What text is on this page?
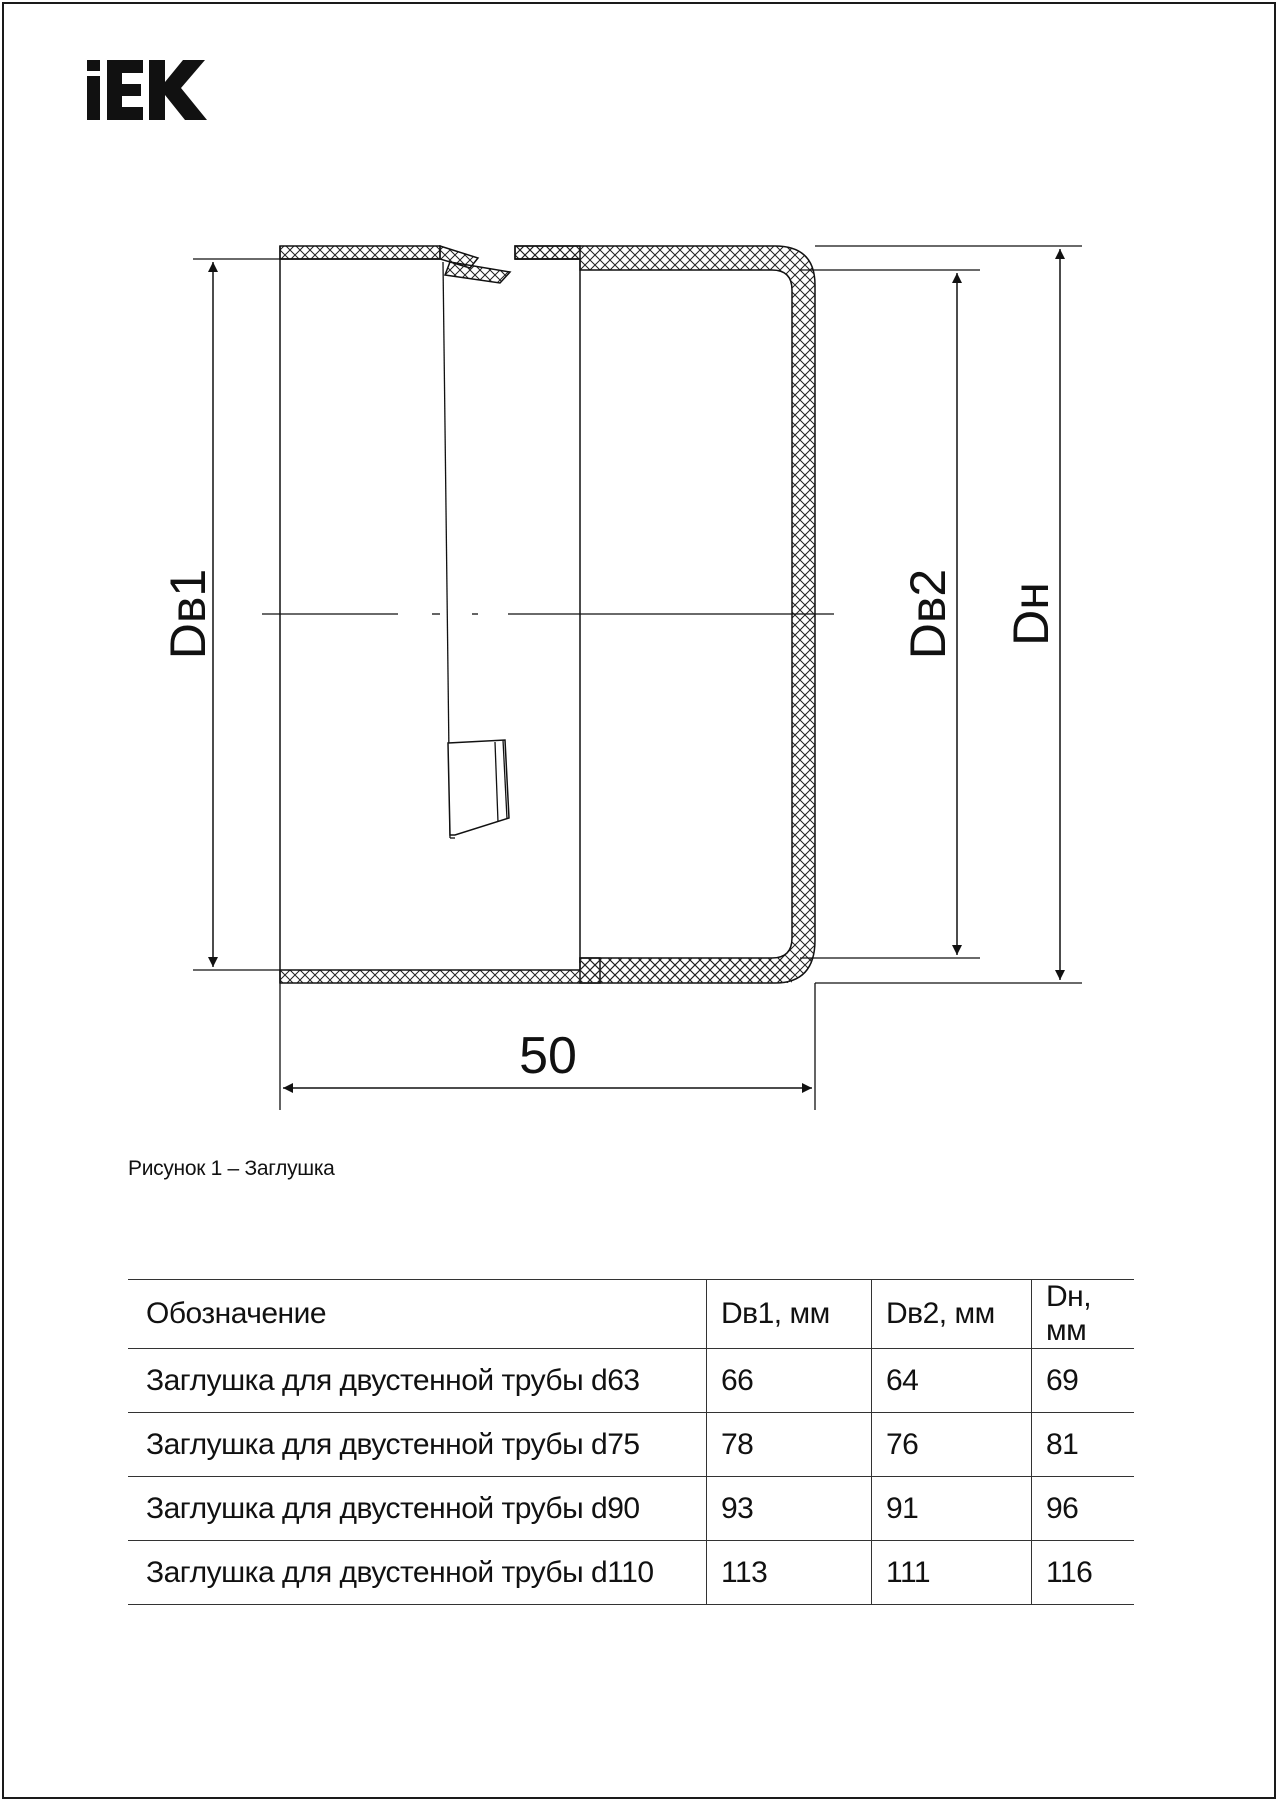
Dв1	Dв2 Dн
50
Рисунок 1 – Заглушка
Обозначение	Dв1, мм	Dв2, мм	Dн, мм
Заглушка для двустенной трубы d63	66	64	69
Заглушка для двустенной трубы d75	78	76	81
Заглушка для двустенной трубы d90	93	91	96
Заглушка для двустенной трубы d110	113	111	116
